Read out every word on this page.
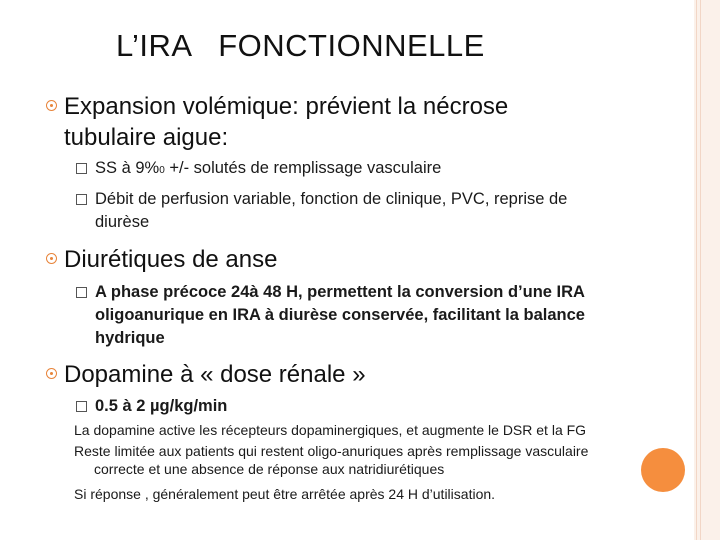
L’IRA   FONCTIONNELLE
Expansion volémique: prévient la nécrose
tubulaire aigue:
SS à 9%0 +/- solutés de remplissage vasculaire
Débit de perfusion variable, fonction de clinique, PVC, reprise de
diurèse
Diurétiques de anse
A phase précoce 24à 48 H, permettent la conversion d’une IRA
oligoanurique en IRA à diurèse conservée, facilitant la balance
hydrique
Dopamine à « dose rénale »
0.5 à 2 µg/kg/min
La dopamine active les récepteurs dopaminergiques, et augmente le DSR et la FG
Reste limitée aux patients qui restent oligo-anuriques après remplissage vasculaire
correcte et une absence de réponse aux natridiurétiques
Si réponse , généralement peut être arrêtée après 24 H d’utilisation.
